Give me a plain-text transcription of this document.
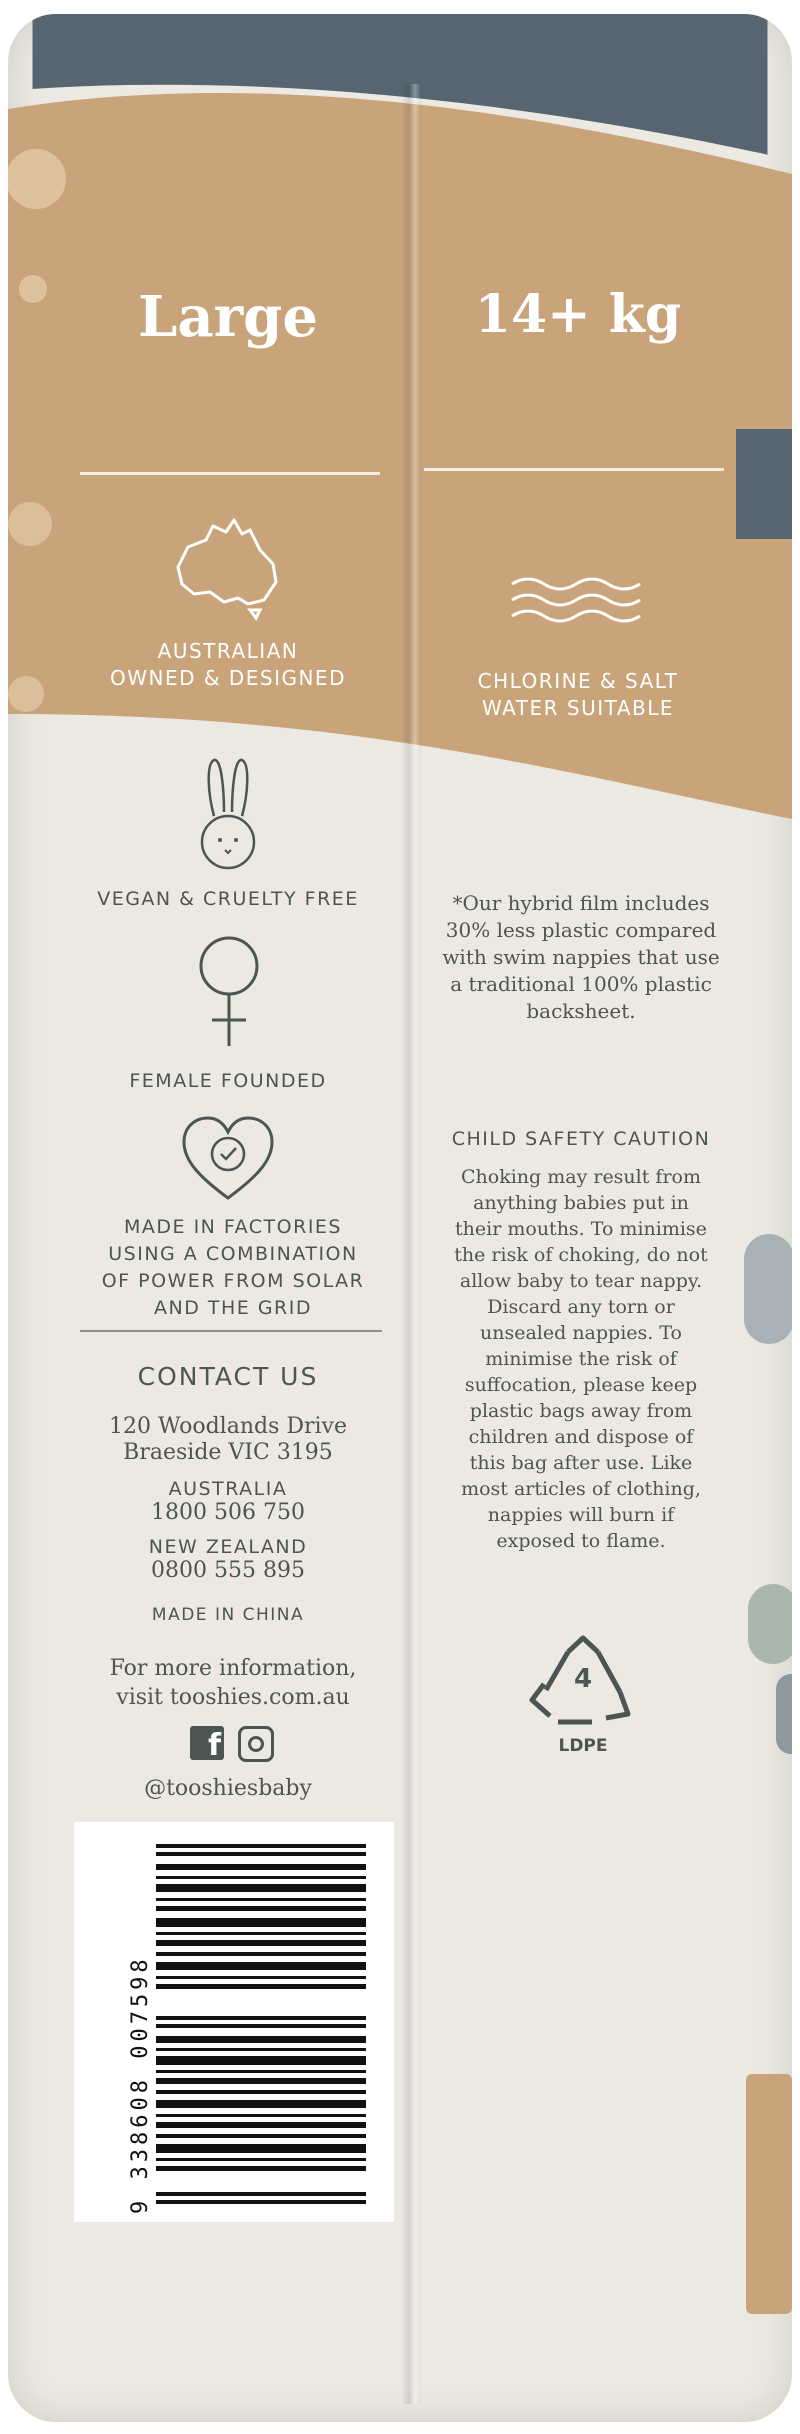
Large	14+ kg
AUSTRALIAN
OWNED & DESIGNED	CHLORINE & SALT
WATER SUITABLE
VEGAN & CRUELTY FREE
FEMALE FOUNDED
MADE IN FACTORIES
USING A COMBINATION
OF POWER FROM SOLAR
AND THE GRID
CONTACT US
120 Woodlands Drive
Braeside VIC 3195
AUSTRALIA
1800 506 750
NEW ZEALAND
0800 555 895
MADE IN CHINA
For more information,
visit tooshies.com.au
f
@tooshiesbaby
9 338608 007598
*Our hybrid film includes
30% less plastic compared
with swim nappies that use
a traditional 100% plastic
backsheet.
CHILD SAFETY CAUTION
Choking may result from
anything babies put in
their mouths. To minimise
the risk of choking, do not
allow baby to tear nappy.
Discard any torn or
unsealed nappies. To
minimise the risk of
suffocation, please keep
plastic bags away from
children and dispose of
this bag after use. Like
most articles of clothing,
nappies will burn if
exposed to flame.
4
LDPE
